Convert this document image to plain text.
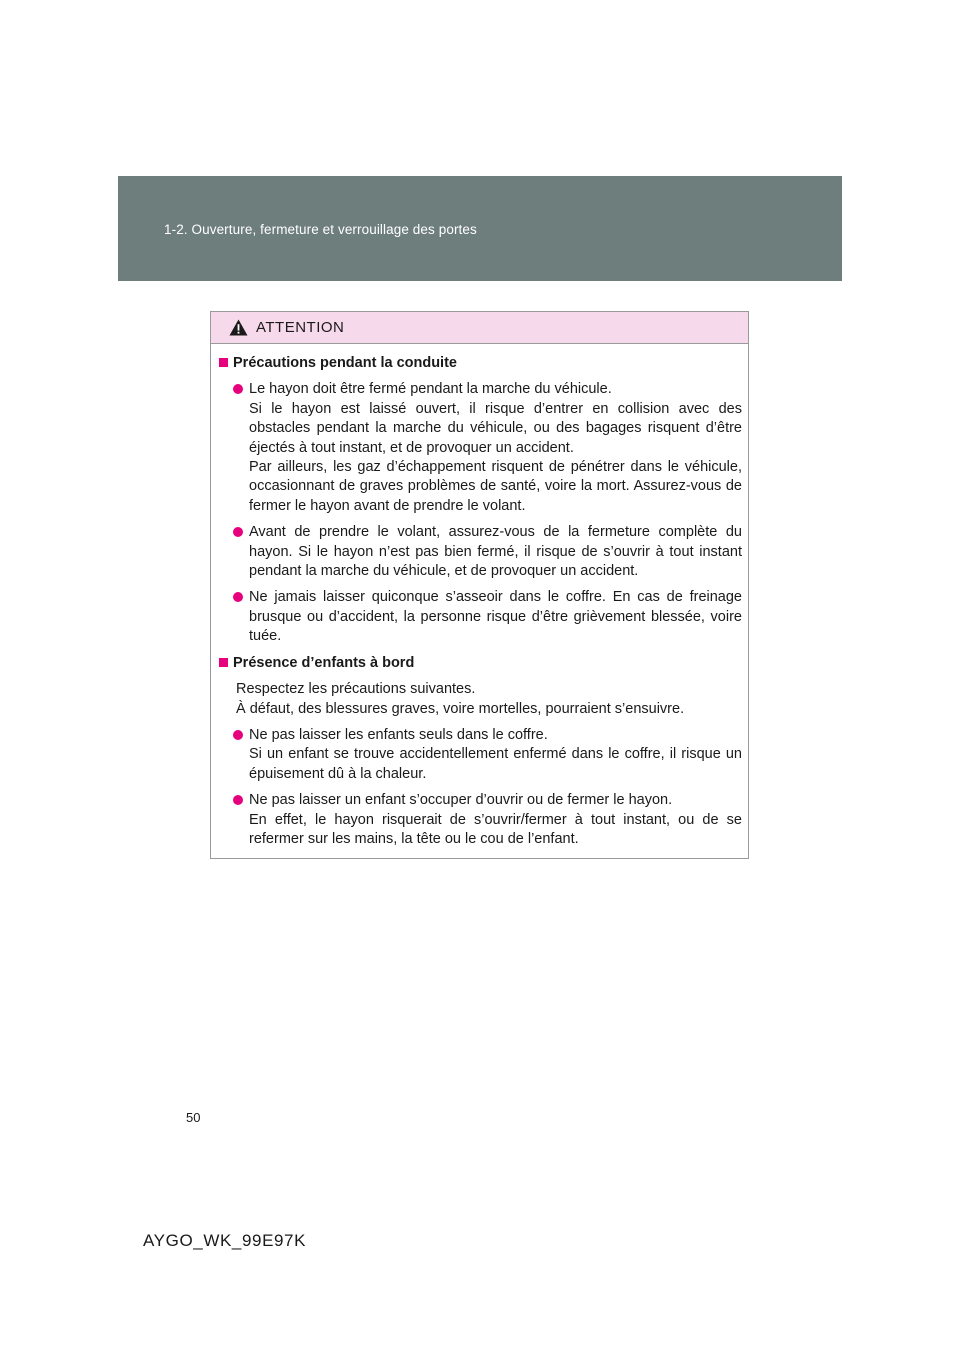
1-2. Ouverture, fermeture et verrouillage des portes
ATTENTION
Précautions pendant la conduite

Le hayon doit être fermé pendant la marche du véhicule.

Si le hayon est laissé ouvert, il risque d’entrer en collision avec des obstacles pendant la marche du véhicule, ou des bagages risquent d’être éjectés à tout instant, et de provoquer un accident.

Par ailleurs, les gaz d’échappement risquent de pénétrer dans le véhicule, occasionnant de graves problèmes de santé, voire la mort. Assurez-vous de fermer le hayon avant de prendre le volant.

Avant de prendre le volant, assurez-vous de la fermeture complète du hayon. Si le hayon n’est pas bien fermé, il risque de s’ouvrir à tout instant pendant la marche du véhicule, et de provoquer un accident.

Ne jamais laisser quiconque s’asseoir dans le coffre. En cas de freinage brusque ou d’accident, la personne risque d’être grièvement blessée, voire tuée.

Présence d’enfants à bord

Respectez les précautions suivantes.

À défaut, des blessures graves, voire mortelles, pourraient s’ensuivre.

Ne pas laisser les enfants seuls dans le coffre.

Si un enfant se trouve accidentellement enfermé dans le coffre, il risque un épuisement dû à la chaleur.

Ne pas laisser un enfant s’occuper d’ouvrir ou de fermer le hayon.

En effet, le hayon risquerait de s’ouvrir/fermer à tout instant, ou de se refermer sur les mains, la tête ou le cou de l’enfant.

50
AYGO_WK_99E97K
